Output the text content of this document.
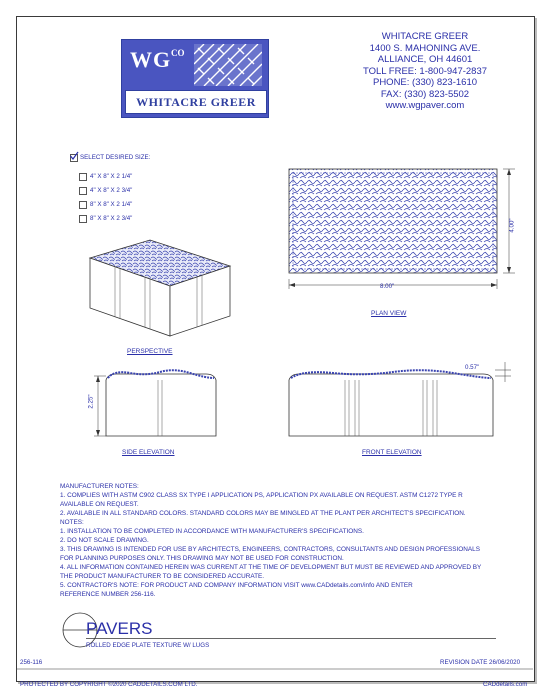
WG CO
WHITACRE GREER
WHITACRE GREER
1400 S. MAHONING AVE.
ALLIANCE, OH 44601
TOLL FREE: 1-800-947-2837
PHONE: (330) 823-1610
FAX: (330) 823-5502
www.wgpaver.com
SELECT DESIRED SIZE:
4" X 8" X 2 1/4"
4" X 8" X 2 3/4"
8" X 8" X 2 1/4"
8" X 8" X 2 3/4"
PERSPECTIVE
8.00"
4.00"
PLAN VIEW
2.25"
SIDE ELEVATION
0.57"
FRONT ELEVATION
MANUFACTURER NOTES:
1. COMPLIES WITH ASTM C902 CLASS SX TYPE I APPLICATION PS, APPLICATION PX AVAILABLE ON REQUEST. ASTM C1272 TYPE R
AVAILABLE ON REQUEST.
2. AVAILABLE IN ALL STANDARD COLORS. STANDARD COLORS MAY BE MINGLED AT THE PLANT PER ARCHITECT'S SPECIFICATION.
NOTES:
1. INSTALLATION TO BE COMPLETED IN ACCORDANCE WITH MANUFACTURER'S SPECIFICATIONS.
2. DO NOT SCALE DRAWING.
3. THIS DRAWING IS INTENDED FOR USE BY ARCHITECTS, ENGINEERS, CONTRACTORS, CONSULTANTS AND DESIGN PROFESSIONALS
FOR PLANNING PURPOSES ONLY. THIS DRAWING MAY NOT BE USED FOR CONSTRUCTION.
4. ALL INFORMATION CONTAINED HEREIN WAS CURRENT AT THE TIME OF DEVELOPMENT BUT MUST BE REVIEWED AND APPROVED BY
THE PRODUCT MANUFACTURER TO BE CONSIDERED ACCURATE.
5. CONTRACTOR'S NOTE: FOR PRODUCT AND COMPANY INFORMATION VISIT www.CADdetails.com/info AND ENTER
REFERENCE NUMBER 256-116.
PAVERS
ROLLED EDGE PLATE TEXTURE W/ LUGS
256-116	REVISION DATE 26/06/2020
PROTECTED BY COPYRIGHT ©2020 CADDETAILS.COM LTD.	CADdetails.com
